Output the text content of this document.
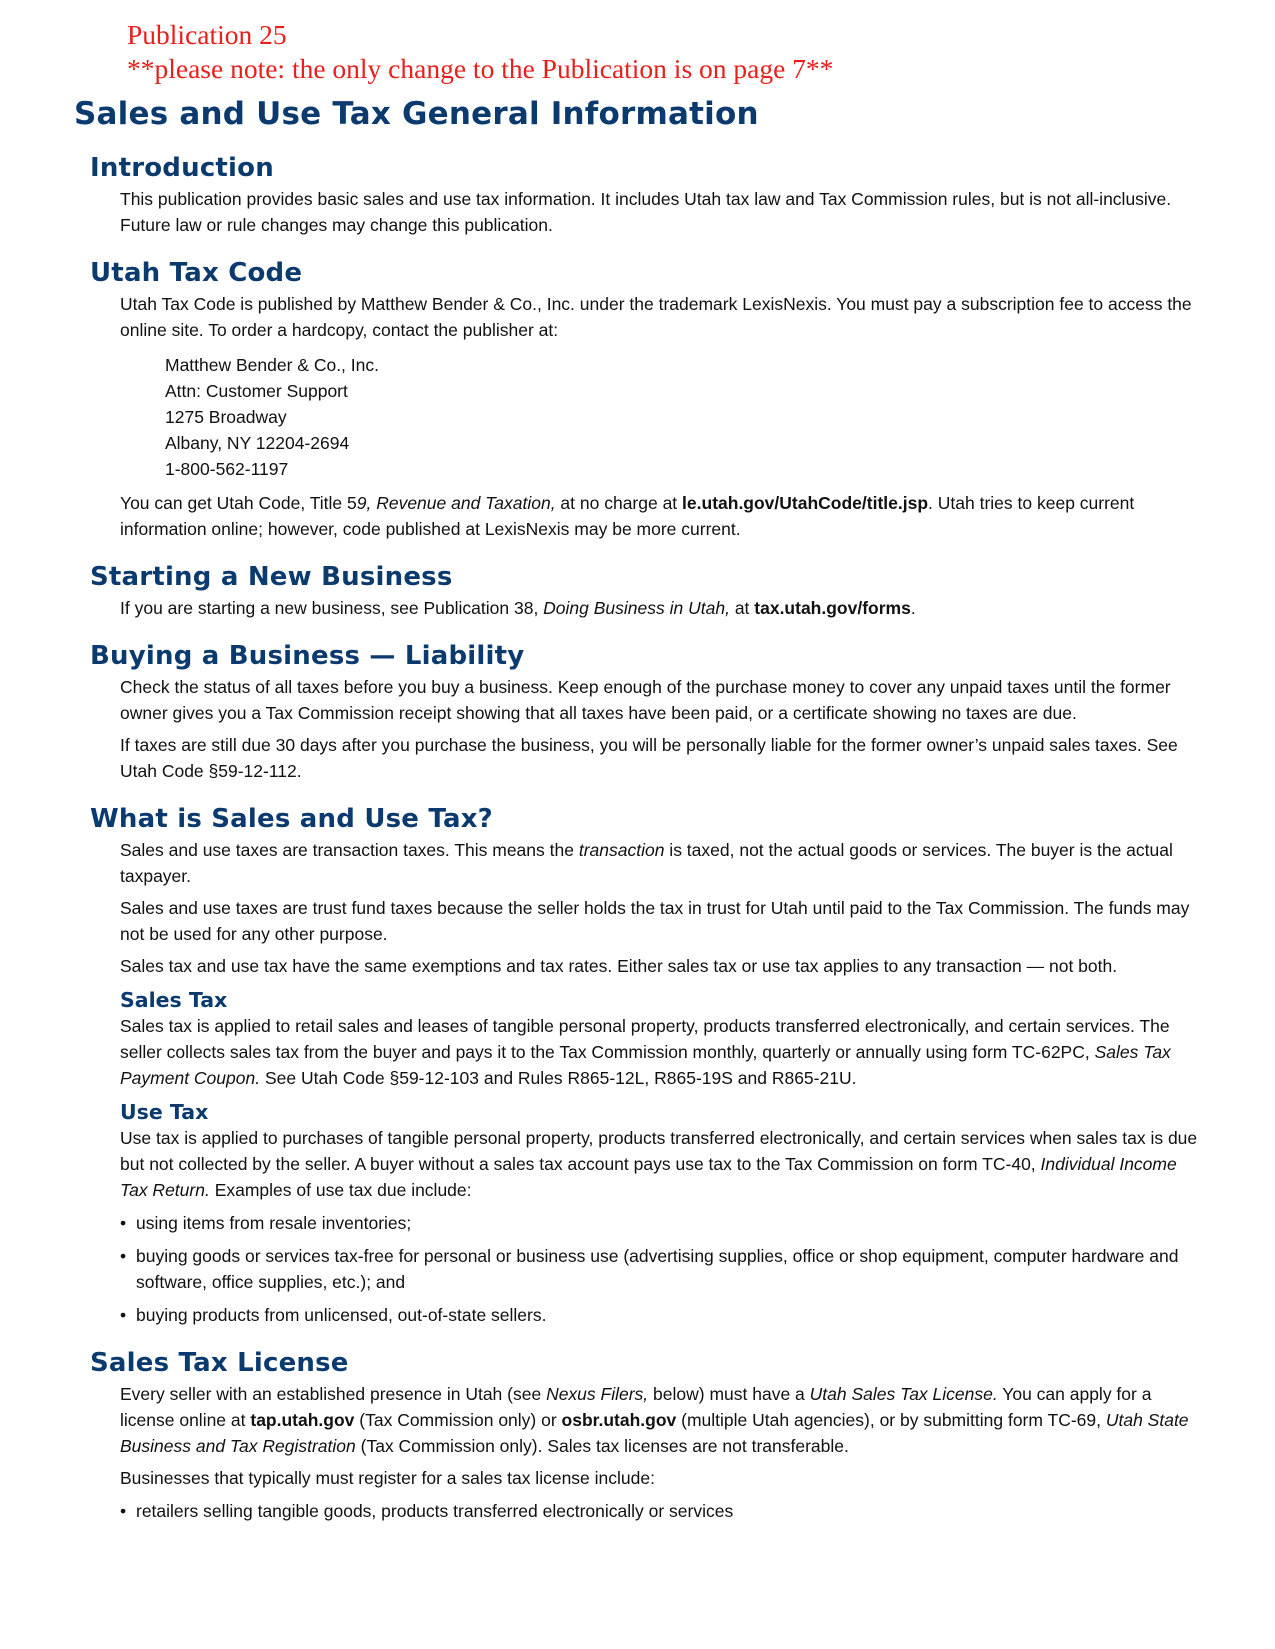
Publication 25
**please note: the only change to the Publication is on page 7**
Sales and Use Tax General Information
Introduction

This publication provides basic sales and use tax information. It includes Utah tax law and Tax Commission rules, but is not all-inclusive. Future law or rule changes may change this publication.

Utah Tax Code

Utah Tax Code is published by Matthew Bender & Co., Inc. under the trademark LexisNexis. You must pay a subscription fee to access the online site. To order a hardcopy, contact the publisher at:

Matthew Bender & Co., Inc.
Attn: Customer Support
1275 Broadway
Albany, NY 12204-2694
1-800-562-1197

You can get Utah Code, Title 59, Revenue and Taxation, at no charge at le.utah.gov/UtahCode/title.jsp. Utah tries to keep current information online; however, code published at LexisNexis may be more current.

Starting a New Business

If you are starting a new business, see Publication 38, Doing Business in Utah, at tax.utah.gov/forms.

Buying a Business — Liability

Check the status of all taxes before you buy a business. Keep enough of the purchase money to cover any unpaid taxes until the former owner gives you a Tax Commission receipt showing that all taxes have been paid, or a certificate showing no taxes are due.

If taxes are still due 30 days after you purchase the business, you will be personally liable for the former owner’s unpaid sales taxes. See Utah Code §59-12-112.

What is Sales and Use Tax?

Sales and use taxes are transaction taxes. This means the transaction is taxed, not the actual goods or services. The buyer is the actual taxpayer.

Sales and use taxes are trust fund taxes because the seller holds the tax in trust for Utah until paid to the Tax Commission. The funds may not be used for any other purpose.

Sales tax and use tax have the same exemptions and tax rates. Either sales tax or use tax applies to any transaction — not both.

Sales Tax

Sales tax is applied to retail sales and leases of tangible personal property, products transferred electronically, and certain services. The seller collects sales tax from the buyer and pays it to the Tax Commission monthly, quarterly or annually using form TC-62PC, Sales Tax Payment Coupon. See Utah Code §59-12-103 and Rules R865-12L, R865-19S and R865-21U.

Use Tax

Use tax is applied to purchases of tangible personal property, products transferred electronically, and certain services when sales tax is due but not collected by the seller. A buyer without a sales tax account pays use tax to the Tax Commission on form TC-40, Individual Income Tax Return. Examples of use tax due include:

• using items from resale inventories;
• buying goods or services tax-free for personal or business use (advertising supplies, office or shop equipment, computer hardware and software, office supplies, etc.); and
• buying products from unlicensed, out-of-state sellers.
Sales Tax License

Every seller with an established presence in Utah (see Nexus Filers, below) must have a Utah Sales Tax License. You can apply for a license online at tap.utah.gov (Tax Commission only) or osbr.utah.gov (multiple Utah agencies), or by submitting form TC-69, Utah State Business and Tax Registration (Tax Commission only). Sales tax licenses are not transferable.

Businesses that typically must register for a sales tax license include:

• retailers selling tangible goods, products transferred electronically or services
